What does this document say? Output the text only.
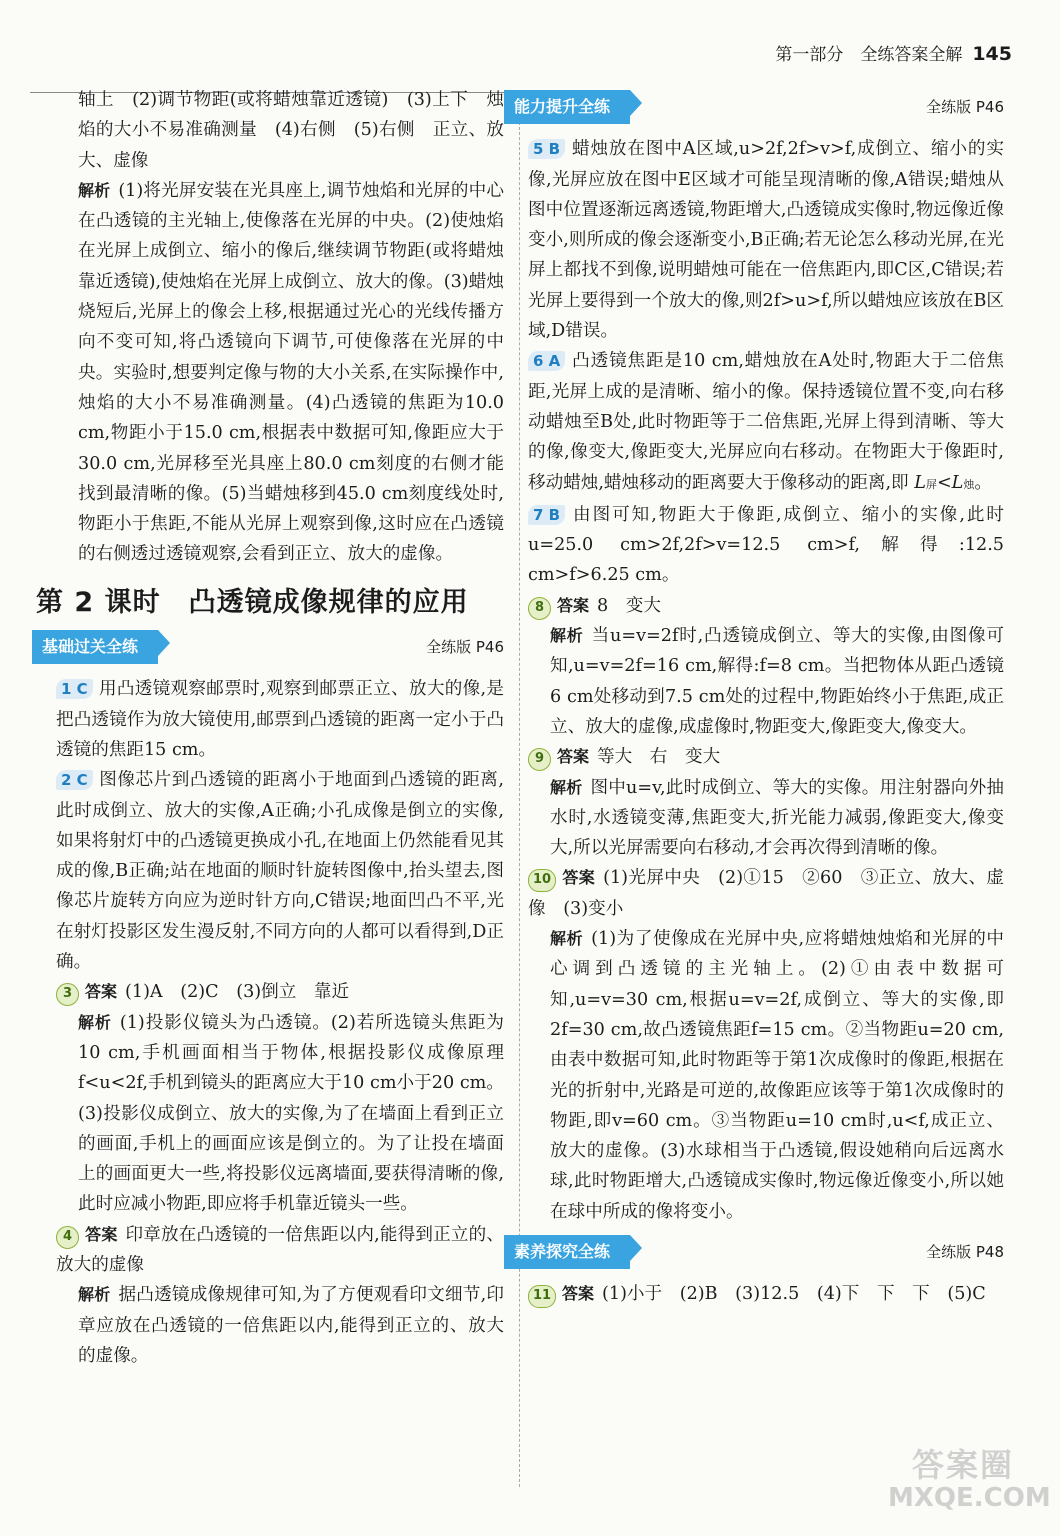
第一部分　全练答案全解 145

轴上　(2)调节物距(或将蜡烛靠近透镜)　(3)上下　烛焰的大小不易准确测量　(4)右侧　(5)右侧　正立、放大、虚像

解析 (1)将光屏安装在光具座上,调节烛焰和光屏的中心在凸透镜的主光轴上,使像落在光屏的中央。(2)使烛焰在光屏上成倒立、缩小的像后,继续调节物距(或将蜡烛靠近透镜),使烛焰在光屏上成倒立、放大的像。(3)蜡烛烧短后,光屏上的像会上移,根据通过光心的光线传播方向不变可知,将凸透镜向下调节,可使像落在光屏的中央。实验时,想要判定像与物的大小关系,在实际操作中,烛焰的大小不易准确测量。(4)凸透镜的焦距为10.0 cm,物距小于15.0 cm,根据表中数据可知,像距应大于30.0 cm,光屏移至光具座上80.0 cm刻度的右侧才能找到最清晰的像。(5)当蜡烛移到45.0 cm刻度线处时,物距小于焦距,不能从光屏上观察到像,这时应在凸透镜的右侧透过透镜观察,会看到正立、放大的虚像。

第 2 课时　凸透镜成像规律的应用
基础过关全练	全练版 P46

1 C 用凸透镜观察邮票时,观察到邮票正立、放大的像,是把凸透镜作为放大镜使用,邮票到凸透镜的距离一定小于凸透镜的焦距15 cm。

2 C 图像芯片到凸透镜的距离小于地面到凸透镜的距离,此时成倒立、放大的实像,A正确;小孔成像是倒立的实像,如果将射灯中的凸透镜更换成小孔,在地面上仍然能看见其成的像,B正确;站在地面的顺时针旋转图像中,抬头望去,图像芯片旋转方向应为逆时针方向,C错误;地面凹凸不平,光在射灯投影区发生漫反射,不同方向的人都可以看得到,D正确。

3 答案 (1)A　(2)C　(3)倒立　靠近

解析 (1)投影仪镜头为凸透镜。(2)若所选镜头焦距为10 cm,手机画面相当于物体,根据投影仪成像原理f<u<2f,手机到镜头的距离应大于10 cm小于20 cm。(3)投影仪成倒立、放大的实像,为了在墙面上看到正立的画面,手机上的画面应该是倒立的。为了让投在墙面上的画面更大一些,将投影仪远离墙面,要获得清晰的像,此时应减小物距,即应将手机靠近镜头一些。

4 答案 印章放在凸透镜的一倍焦距以内,能得到正立的、放大的虚像

解析 据凸透镜成像规律可知,为了方便观看印文细节,印章应放在凸透镜的一倍焦距以内,能得到正立的、放大的虚像。

能力提升全练	全练版 P46

5 B 蜡烛放在图中A区域,u>2f,2f>v>f,成倒立、缩小的实像,光屏应放在图中E区域才可能呈现清晰的像,A错误;蜡烛从图中位置逐渐远离透镜,物距增大,凸透镜成实像时,物远像近像变小,则所成的像会逐渐变小,B正确;若无论怎么移动光屏,在光屏上都找不到像,说明蜡烛可能在一倍焦距内,即C区,C错误;若光屏上要得到一个放大的像,则2f>u>f,所以蜡烛应该放在B区域,D错误。

6 A 凸透镜焦距是10 cm,蜡烛放在A处时,物距大于二倍焦距,光屏上成的是清晰、缩小的像。保持透镜位置不变,向右移动蜡烛至B处,此时物距等于二倍焦距,光屏上得到清晰、等大的像,像变大,像距变大,光屏应向右移动。在物距大于像距时,移动蜡烛,蜡烛移动的距离要大于像移动的距离,即 L屏<L烛。

7 B 由图可知,物距大于像距,成倒立、缩小的实像,此时u=25.0 cm>2f,2f>v=12.5 cm>f,解得:12.5 cm>f>6.25 cm。

8 答案 8　变大

解析 当u=v=2f时,凸透镜成倒立、等大的实像,由图像可知,u=v=2f=16 cm,解得:f=8 cm。当把物体从距凸透镜6 cm处移动到7.5 cm处的过程中,物距始终小于焦距,成正立、放大的虚像,成虚像时,物距变大,像距变大,像变大。

9 答案 等大　右　变大

解析 图中u=v,此时成倒立、等大的实像。用注射器向外抽水时,水透镜变薄,焦距变大,折光能力减弱,像距变大,像变大,所以光屏需要向右移动,才会再次得到清晰的像。

10 答案 (1)光屏中央　(2)①15　②60　③正立、放大、虚像　(3)变小

解析 (1)为了使像成在光屏中央,应将蜡烛烛焰和光屏的中心调到凸透镜的主光轴上。(2)①由表中数据可知,u=v=30 cm,根据u=v=2f,成倒立、等大的实像,即2f=30 cm,故凸透镜焦距f=15 cm。②当物距u=20 cm,由表中数据可知,此时物距等于第1次成像时的像距,根据在光的折射中,光路是可逆的,故像距应该等于第1次成像时的物距,即v=60 cm。③当物距u=10 cm时,u<f,成正立、放大的虚像。(3)水球相当于凸透镜,假设她稍向后远离水球,此时物距增大,凸透镜成实像时,物远像近像变小,所以她在球中所成的像将变小。

素养探究全练	全练版 P48

11 答案 (1)小于　(2)B　(3)12.5　(4)下　下　下　(5)C

答案圈
MXQE.COM
